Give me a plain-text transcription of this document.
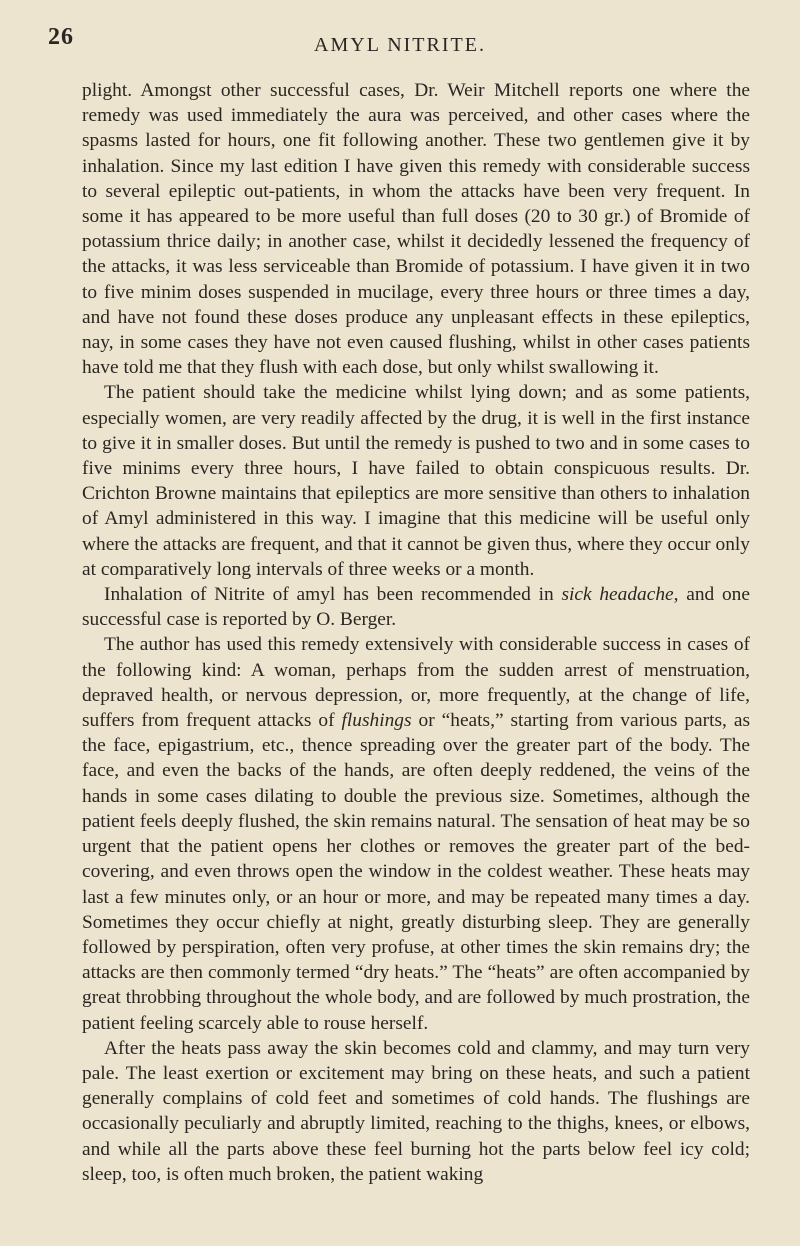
26	AMYL NITRITE.

plight. Amongst other successful cases, Dr. Weir Mitchell reports one where the remedy was used immediately the aura was perceived, and other cases where the spasms lasted for hours, one fit following another. These two gentlemen give it by inhalation. Since my last edition I have given this remedy with considerable success to several epileptic out-patients, in whom the attacks have been very frequent. In some it has appeared to be more useful than full doses (20 to 30 gr.) of Bromide of potassium thrice daily; in another case, whilst it decidedly lessened the frequency of the attacks, it was less serviceable than Bromide of potassium. I have given it in two to five minim doses suspended in mucilage, every three hours or three times a day, and have not found these doses produce any unpleasant effects in these epileptics, nay, in some cases they have not even caused flushing, whilst in other cases patients have told me that they flush with each dose, but only whilst swallowing it.

The patient should take the medicine whilst lying down; and as some patients, especially women, are very readily affected by the drug, it is well in the first instance to give it in smaller doses. But until the remedy is pushed to two and in some cases to five minims every three hours, I have failed to obtain conspicuous results. Dr. Crichton Browne maintains that epileptics are more sensitive than others to inhalation of Amyl administered in this way. I imagine that this medicine will be useful only where the attacks are frequent, and that it cannot be given thus, where they occur only at comparatively long intervals of three weeks or a month.

Inhalation of Nitrite of amyl has been recommended in sick headache, and one successful case is reported by O. Berger.

The author has used this remedy extensively with considerable success in cases of the following kind: A woman, perhaps from the sudden arrest of menstruation, depraved health, or nervous depression, or, more frequently, at the change of life, suffers from frequent attacks of flushings or “heats,” starting from various parts, as the face, epigastrium, etc., thence spreading over the greater part of the body. The face, and even the backs of the hands, are often deeply reddened, the veins of the hands in some cases dilating to double the previous size. Sometimes, although the patient feels deeply flushed, the skin remains natural. The sensation of heat may be so urgent that the patient opens her clothes or removes the greater part of the bed-covering, and even throws open the window in the coldest weather. These heats may last a few minutes only, or an hour or more, and may be repeated many times a day. Sometimes they occur chiefly at night, greatly disturbing sleep. They are generally followed by perspiration, often very profuse, at other times the skin remains dry; the attacks are then commonly termed “dry heats.” The “heats” are often accompanied by great throbbing throughout the whole body, and are followed by much prostration, the patient feeling scarcely able to rouse herself.

After the heats pass away the skin becomes cold and clammy, and may turn very pale. The least exertion or excitement may bring on these heats, and such a patient generally complains of cold feet and sometimes of cold hands. The flushings are occasionally peculiarly and abruptly limited, reaching to the thighs, knees, or elbows, and while all the parts above these feel burning hot the parts below feel icy cold; sleep, too, is often much broken, the patient waking
